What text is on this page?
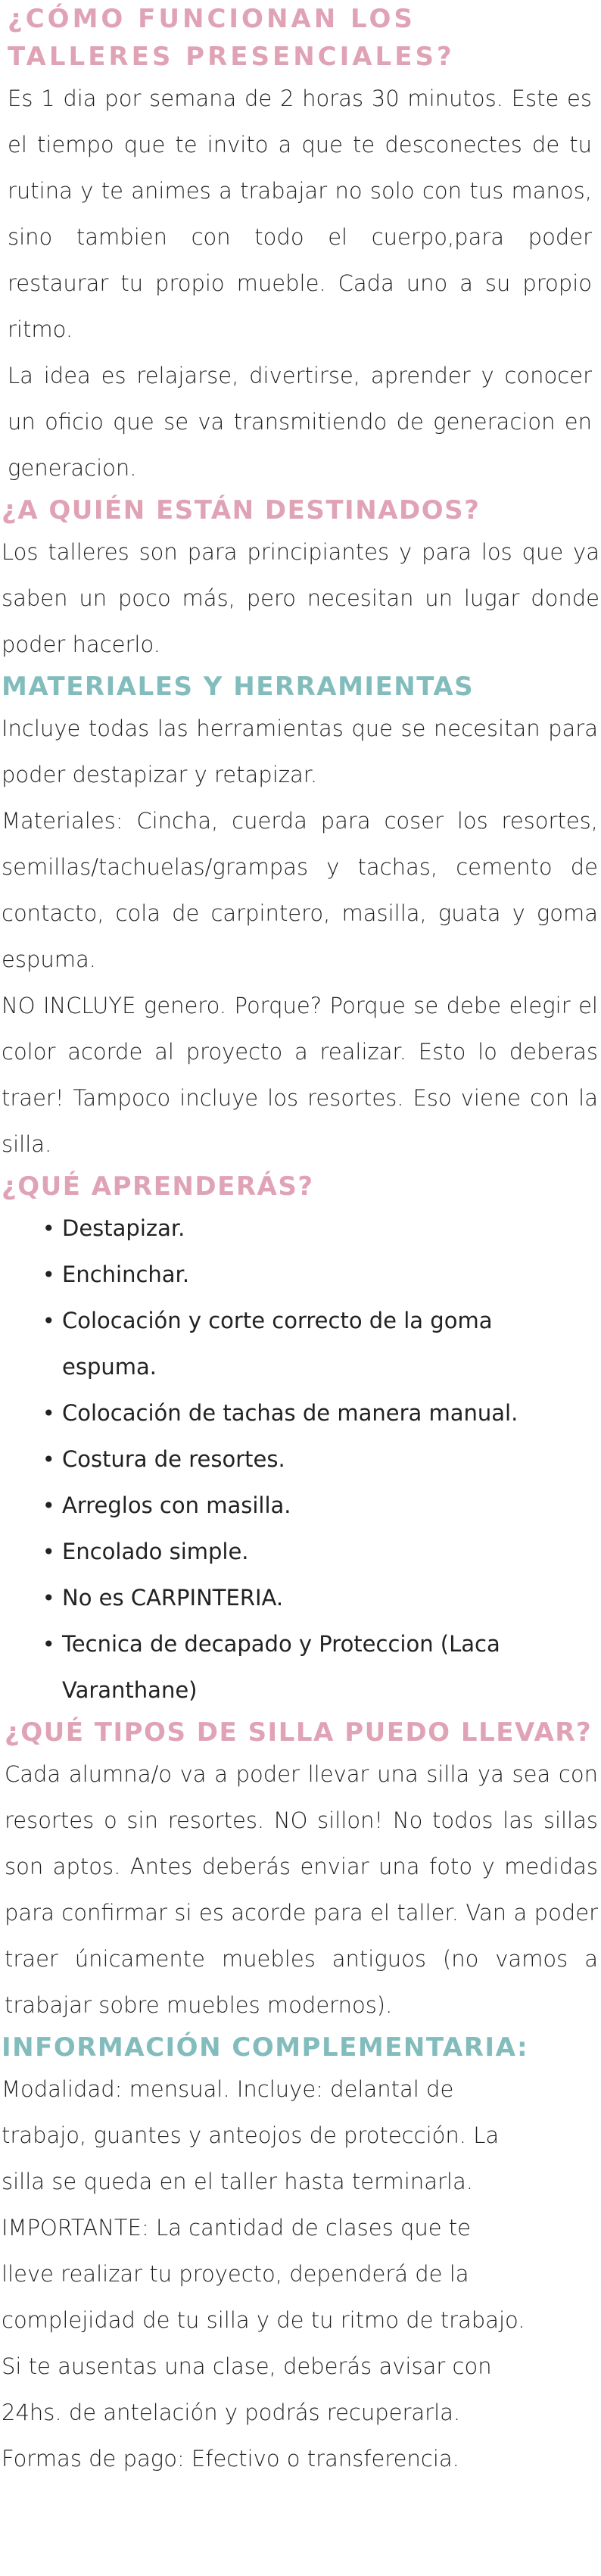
¿CÓMO FUNCIONAN LOS TALLERES PRESENCIALES?

Es 1 dia por semana de 2 horas 30 minutos. Este es el tiempo que te invito a que te desconectes de tu rutina y te animes a trabajar no solo con tus manos, sino tambien con todo el cuerpo,para poder restaurar tu propio mueble. Cada uno a su propio ritmo.

La idea es relajarse, divertirse, aprender y conocer un oficio que se va transmitiendo de generacion en generacion.

¿A QUIÉN ESTÁN DESTINADOS?

Los talleres son para principiantes y para los que ya saben un poco más, pero necesitan un lugar donde poder hacerlo.

MATERIALES Y HERRAMIENTAS

Incluye todas las herramientas que se necesitan para poder destapizar y retapizar.

Materiales: Cincha, cuerda para coser los resortes, semillas/tachuelas/grampas y tachas, cemento de contacto, cola de carpintero, masilla, guata y goma espuma.

NO INCLUYE genero. Porque? Porque se debe elegir el color acorde al proyecto a realizar. Esto lo deberas traer! Tampoco incluye los resortes. Eso viene con la silla.

¿QUÉ APRENDERÁS?
• Destapizar.
• Enchinchar.
• Colocación y corte correcto de la goma espuma.
• Colocación de tachas de manera manual.
• Costura de resortes.
• Arreglos con masilla.
• Encolado simple.
• No es CARPINTERIA.
• Tecnica de decapado y Proteccion (Laca Varanthane)
¿QUÉ TIPOS DE SILLA PUEDO LLEVAR?

Cada alumna/o va a poder llevar una silla ya sea con resortes o sin resortes. NO sillon! No todos las sillas son aptos. Antes deberás enviar una foto y medidas para confirmar si es acorde para el taller. Van a poder traer únicamente muebles antiguos (no vamos a trabajar sobre muebles modernos).

INFORMACIÓN COMPLEMENTARIA:

Modalidad: mensual. Incluye: delantal de

trabajo, guantes y anteojos de protección. La

silla se queda en el taller hasta terminarla.

IMPORTANTE: La cantidad de clases que te

lleve realizar tu proyecto, dependerá de la

complejidad de tu silla y de tu ritmo de trabajo.

Si te ausentas una clase, deberás avisar con

24hs. de antelación y podrás recuperarla.

Formas de pago: Efectivo o transferencia.
